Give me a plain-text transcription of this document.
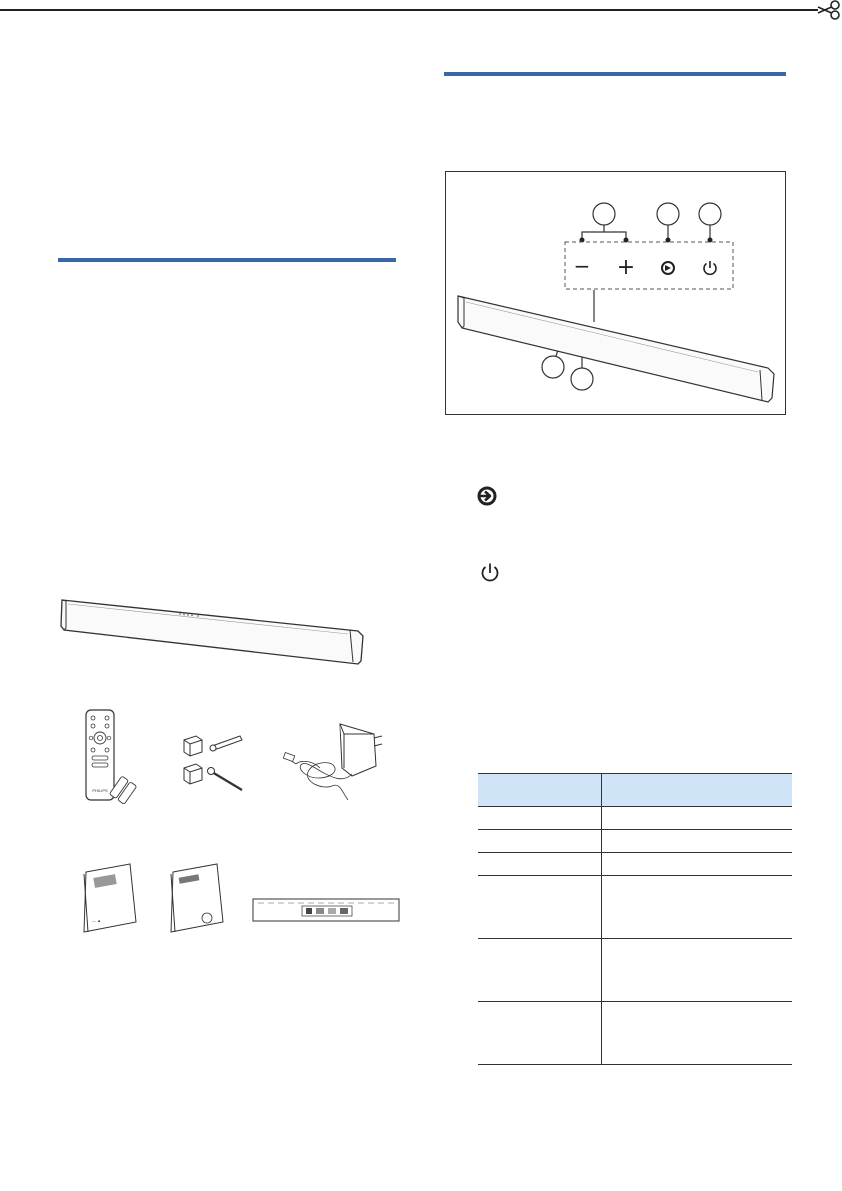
PHILIPS
— ▲
− +
